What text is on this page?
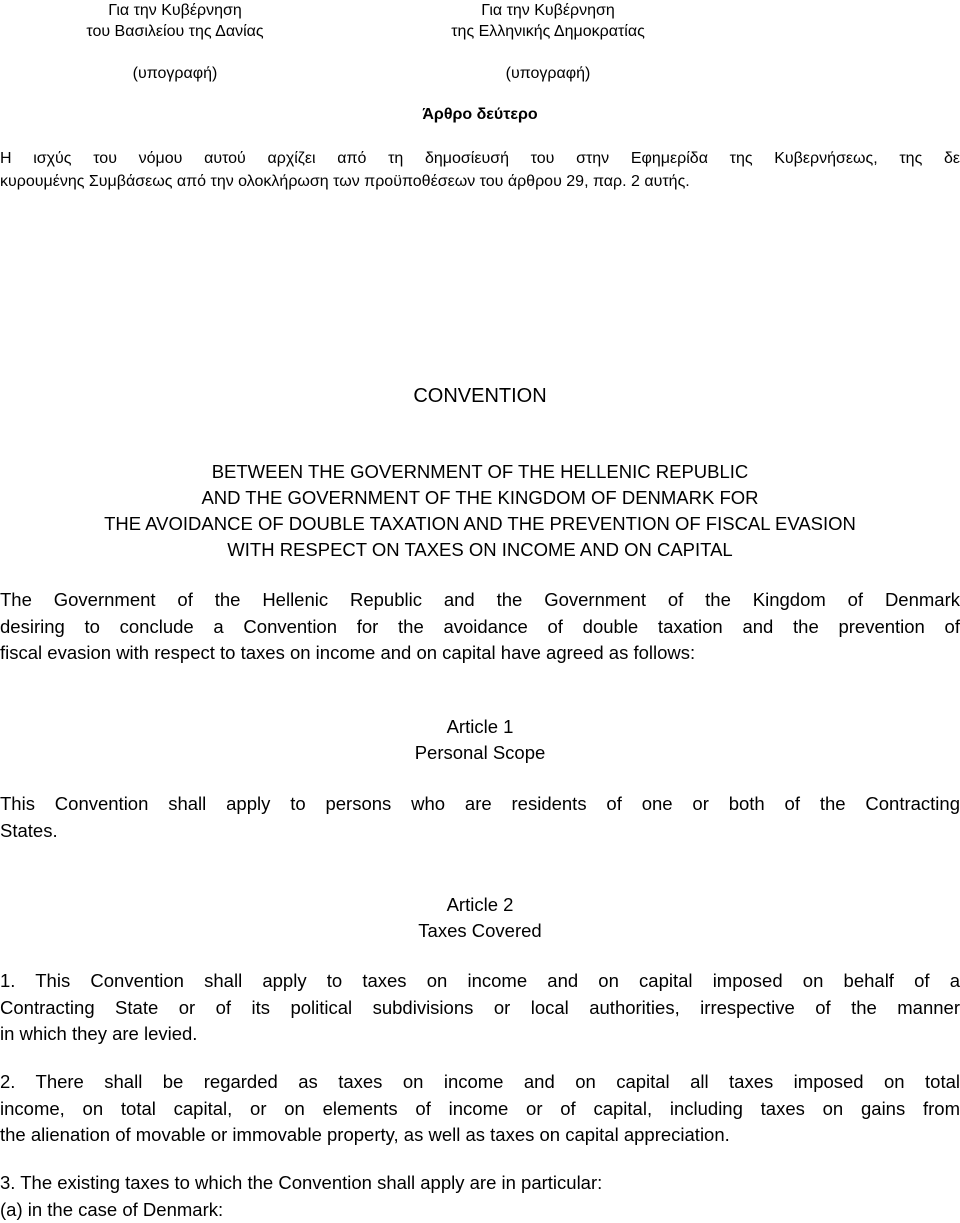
Για την Κυβέρνηση
του Βασιλείου της Δανίας
Για την Κυβέρνηση
της Ελληνικής Δημοκρατίας
(υπογραφή)	(υπογραφή)
Άρθρο δεύτερο
Η ισχύς του νόμου αυτού αρχίζει από τη δημοσίευσή του στην Εφημερίδα της Κυβερνήσεως, της δε
κυρουμένης Συμβάσεως από την ολοκλήρωση των προϋποθέσεων του άρθρου 29, παρ. 2 αυτής.
CONVENTION
BETWEEN THE GOVERNMENT OF THE HELLENIC REPUBLIC
AND THE GOVERNMENT OF THE KINGDOM OF DENMARK FOR
THE AVOIDANCE OF DOUBLE TAXATION AND THE PREVENTION OF FISCAL EVASION
WITH RESPECT ON TAXES ON INCOME AND ON CAPITAL
The Government of the Hellenic Republic and the Government of the Kingdom of Denmark
desiring to conclude a Convention for the avoidance of double taxation and the prevention of
fiscal evasion with respect to taxes on income and on capital have agreed as follows:
Article 1
Personal Scope
This Convention shall apply to persons who are residents of one or both of the Contracting
States.
Article 2
Taxes Covered
1. This Convention shall apply to taxes on income and on capital imposed on behalf of a
Contracting State or of its political subdivisions or local authorities, irrespective of the manner
in which they are levied.
2. There shall be regarded as taxes on income and on capital all taxes imposed on total
income, on total capital, or on elements of income or of capital, including taxes on gains from
the alienation of movable or immovable property, as well as taxes on capital appreciation.
3. The existing taxes to which the Convention shall apply are in particular:
(a) in the case of Denmark:
